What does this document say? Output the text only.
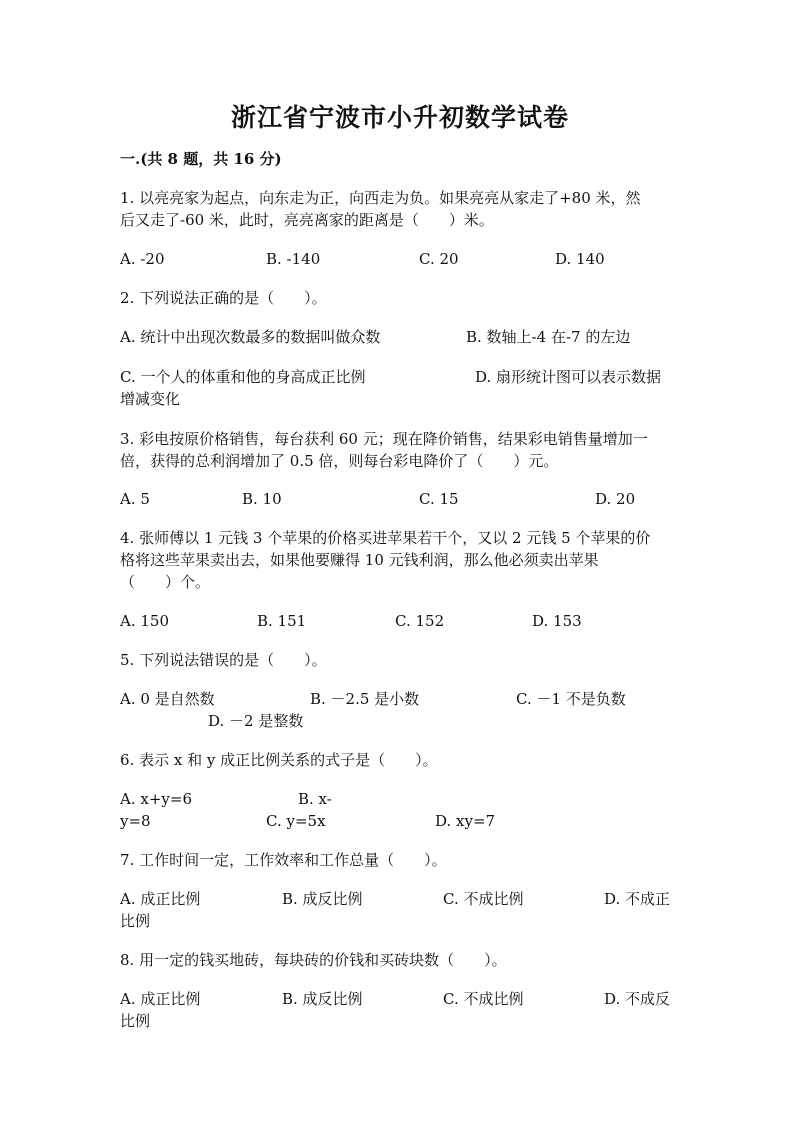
浙江省宁波市小升初数学试卷
一.(共 8 题，共 16 分)
1. 以亮亮家为起点，向东走为正，向西走为负。如果亮亮从家走了+80 米，然
后又走了-60 米，此时，亮亮离家的距离是（　　）米。
A. -20	B. -140	C. 20	D. 140
2. 下列说法正确的是（　　）。
A. 统计中出现次数最多的数据叫做众数	B. 数轴上-4 在-7 的左边
C. 一个人的体重和他的身高成正比例	D. 扇形统计图可以表示数据
增减变化
3. 彩电按原价格销售，每台获利 60 元；现在降价销售，结果彩电销售量增加一
倍，获得的总利润增加了 0.5 倍，则每台彩电降价了（　　）元。
A. 5	B. 10	C. 15	D. 20
4. 张师傅以 1 元钱 3 个苹果的价格买进苹果若干个，又以 2 元钱 5 个苹果的价
格将这些苹果卖出去，如果他要赚得 10 元钱利润，那么他必须卖出苹果
（　　）个。
A. 150	B. 151	C. 152	D. 153
5. 下列说法错误的是（　　）。
A. 0 是自然数	B. －2.5 是小数	C. －1 不是负数
D. －2 是整数
6. 表示 x 和 y 成正比例关系的式子是（　　）。
A. x+y=6	B. x-
y=8	C. y=5x	D. xy=7
7. 工作时间一定，工作效率和工作总量（　　）。
A. 成正比例	B. 成反比例	C. 不成比例	D. 不成正
比例
8. 用一定的钱买地砖，每块砖的价钱和买砖块数（　　）。
A. 成正比例	B. 成反比例	C. 不成比例	D. 不成反
比例
